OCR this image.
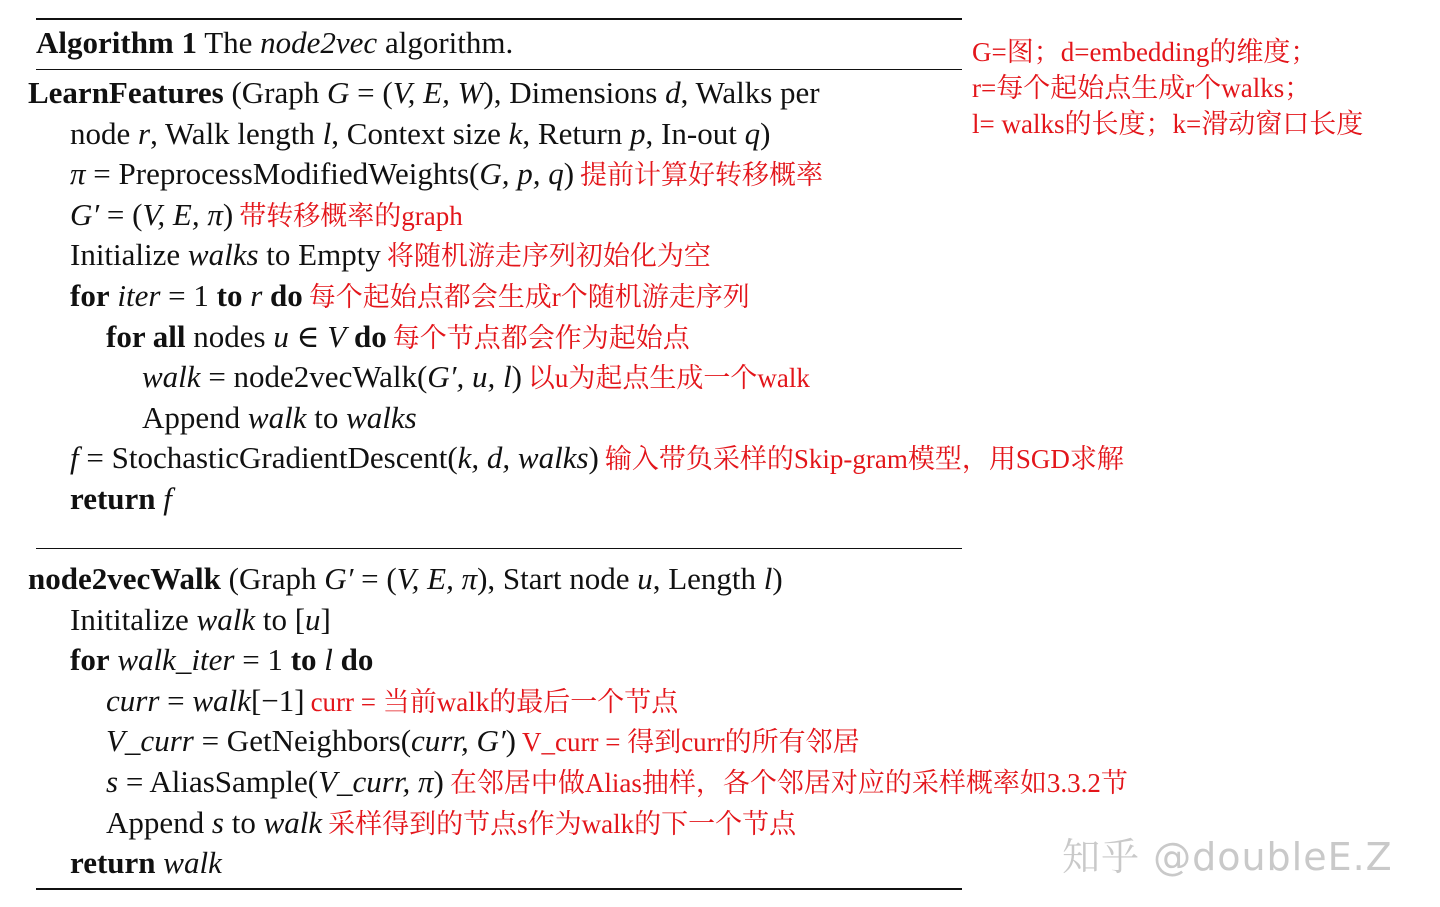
Algorithm 1 The node2vec algorithm.	G=图；d=embedding的维度；
r=每个起始点生成r个walks；
l= walks的长度；k=滑动窗口长度
LearnFeatures (Graph G = (V, E, W), Dimensions d, Walks per
node r, Walk length l, Context size k, Return p, In-out q)
π = PreprocessModifiedWeights(G, p, q) 提前计算好转移概率
G′ = (V, E, π) 带转移概率的graph
Initialize walks to Empty 将随机游走序列初始化为空
for iter = 1 to r do 每个起始点都会生成r个随机游走序列
for all nodes u ∈ V do 每个节点都会作为起始点
walk = node2vecWalk(G′, u, l) 以u为起点生成一个walk
Append walk to walks
f = StochasticGradientDescent(k, d, walks) 输入带负采样的Skip-gram模型，用SGD求解
return f
node2vecWalk (Graph G′ = (V, E, π), Start node u, Length l)
Inititalize walk to [u]
for walk_iter = 1 to l do
curr = walk[−1] curr = 当前walk的最后一个节点
V_curr = GetNeighbors(curr, G′) V_curr = 得到curr的所有邻居
s = AliasSample(V_curr, π) 在邻居中做Alias抽样，各个邻居对应的采样概率如3.3.2节
Append s to walk 采样得到的节点s作为walk的下一个节点
return walk	知乎 @doubleE.Z
